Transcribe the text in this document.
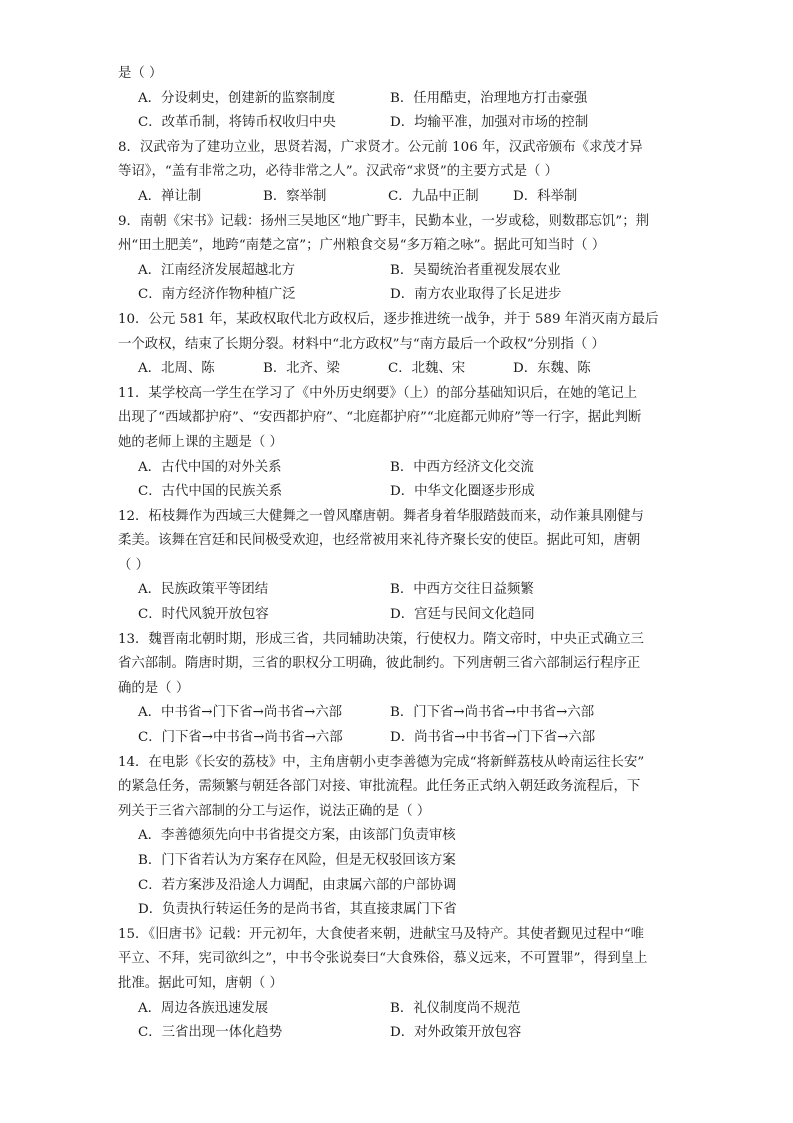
是（ ）
A．分设刺史，创建新的监察制度	B．任用酷吏，治理地方打击豪强
C．改革币制，将铸币权收归中央	D．均输平准，加强对市场的控制
8．汉武帝为了建功立业，思贤若渴，广求贤才。公元前 106 年，汉武帝颁布《求茂才异
等诏》，“盖有非常之功，必待非常之人”。汉武帝“求贤”的主要方式是（ ）
A．禅让制	B．察举制	C．九品中正制	D．科举制
9．南朝《宋书》记载：扬州三吴地区“地广野丰，民勤本业，一岁或稔，则数郡忘饥”；荆
州“田土肥美”，地跨“南楚之富”；广州粮食交易“多万箱之咏”。据此可知当时（ ）
A．江南经济发展超越北方	B．吴蜀统治者重视发展农业
C．南方经济作物种植广泛	D．南方农业取得了长足进步
10．公元 581 年，某政权取代北方政权后，逐步推进统一战争，并于 589 年消灭南方最后
一个政权，结束了长期分裂。材料中“北方政权”与“南方最后一个政权”分别指（ ）
A．北周、陈	B．北齐、梁	C．北魏、宋	D．东魏、陈
11．某学校高一学生在学习了《中外历史纲要》（上）的部分基础知识后，在她的笔记上
出现了“西域都护府”、“安西都护府”、“北庭都护府”“北庭都元帅府”等一行字，据此判断
她的老师上课的主题是（ ）
A．古代中国的对外关系	B．中西方经济文化交流
C．古代中国的民族关系	D．中华文化圈逐步形成
12．柘枝舞作为西域三大健舞之一曾风靡唐朝。舞者身着华服踏鼓而来，动作兼具刚健与
柔美。该舞在宫廷和民间极受欢迎，也经常被用来礼待齐聚长安的使臣。据此可知，唐朝
（ ）
A．民族政策平等团结	B．中西方交往日益频繁
C．时代风貌开放包容	D．宫廷与民间文化趋同
13．魏晋南北朝时期，形成三省，共同辅助决策，行使权力。隋文帝时，中央正式确立三
省六部制。隋唐时期，三省的职权分工明确，彼此制约。下列唐朝三省六部制运行程序正
确的是（ ）
A．中书省→门下省→尚书省→六部	B．门下省→尚书省→中书省→六部
C．门下省→中书省→尚书省→六部	D．尚书省→中书省→门下省→六部
14．在电影《长安的荔枝》中，主角唐朝小吏李善德为完成“将新鲜荔枝从岭南运往长安”
的紧急任务，需频繁与朝廷各部门对接、审批流程。此任务正式纳入朝廷政务流程后，下
列关于三省六部制的分工与运作，说法正确的是（ ）
A．李善德须先向中书省提交方案，由该部门负责审核
B．门下省若认为方案存在风险，但是无权驳回该方案
C．若方案涉及沿途人力调配，由隶属六部的户部协调
D．负责执行转运任务的是尚书省，其直接隶属门下省
15．《旧唐书》记载：开元初年，大食使者来朝，进献宝马及特产。其使者觐见过程中“唯
平立、不拜，宪司欲纠之”，中书令张说奏曰“大食殊俗，慕义远来，不可置罪”，得到皇上
批准。据此可知，唐朝（ ）
A．周边各族迅速发展	B．礼仪制度尚不规范
C．三省出现一体化趋势	D．对外政策开放包容
